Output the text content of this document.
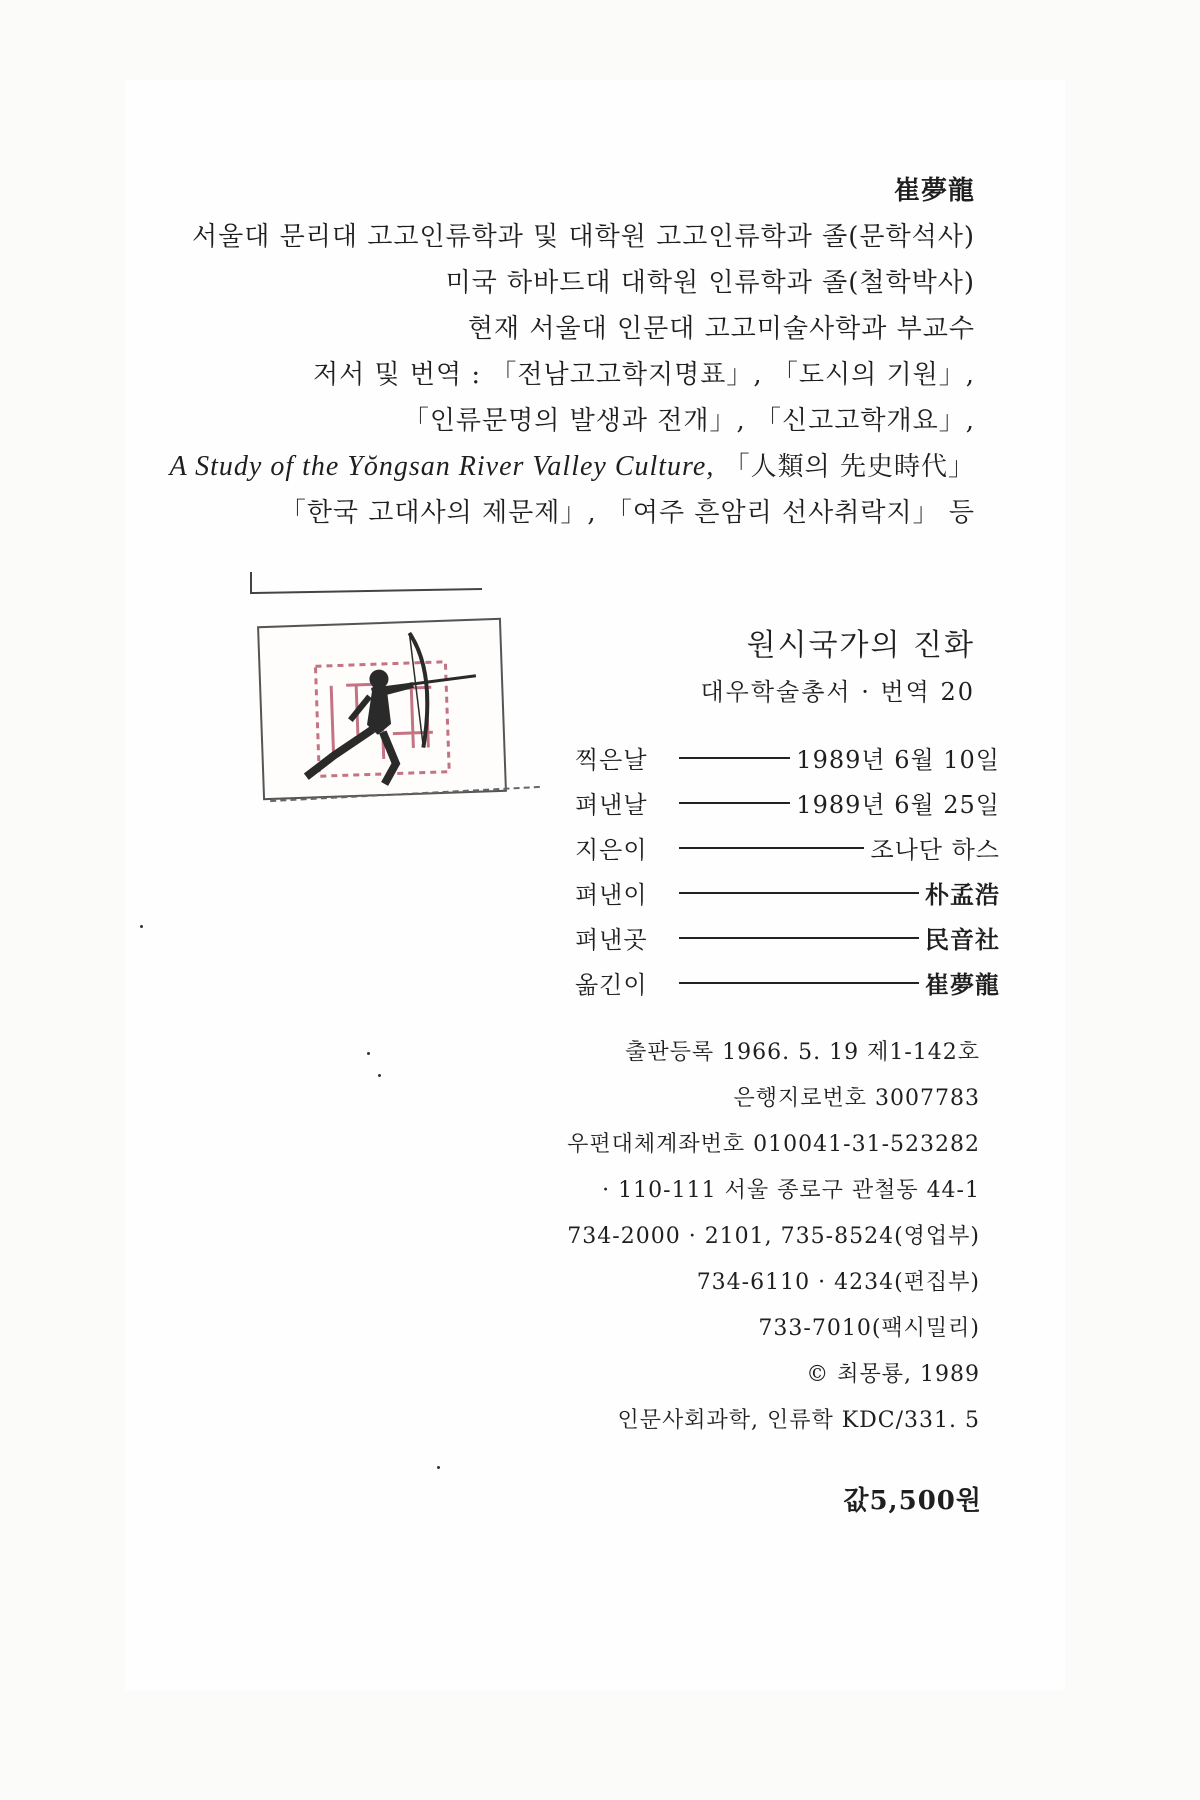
崔夢龍
서울대 문리대 고고인류학과 및 대학원 고고인류학과 졸(문학석사)
미국 하바드대 대학원 인류학과 졸(철학박사)
현재 서울대 인문대 고고미술사학과 부교수
저서 및 번역 : 「전남고고학지명표」, 「도시의 기원」,
「인류문명의 발생과 전개」, 「신고고학개요」,
A Study of the Yŏngsan River Valley Culture, 「人類의 先史時代」
「한국 고대사의 제문제」, 「여주 흔암리 선사취락지」 등
원시국가의 진화
대우학술총서 · 번역 20
찍은날	1989년 6월 10일
펴낸날	1989년 6월 25일
지은이	조나단 하스
펴낸이	朴孟浩
펴낸곳	民音社
옮긴이	崔夢龍
출판등록 1966. 5. 19 제1-142호
은행지로번호 3007783
우편대체계좌번호 010041-31-523282
· 110-111 서울 종로구 관철동 44-1
734-2000 · 2101, 735-8524(영업부)
734-6110 · 4234(편집부)
733-7010(팩시밀리)
© 최몽룡, 1989
인문사회과학, 인류학 KDC/331. 5
값5,500원
